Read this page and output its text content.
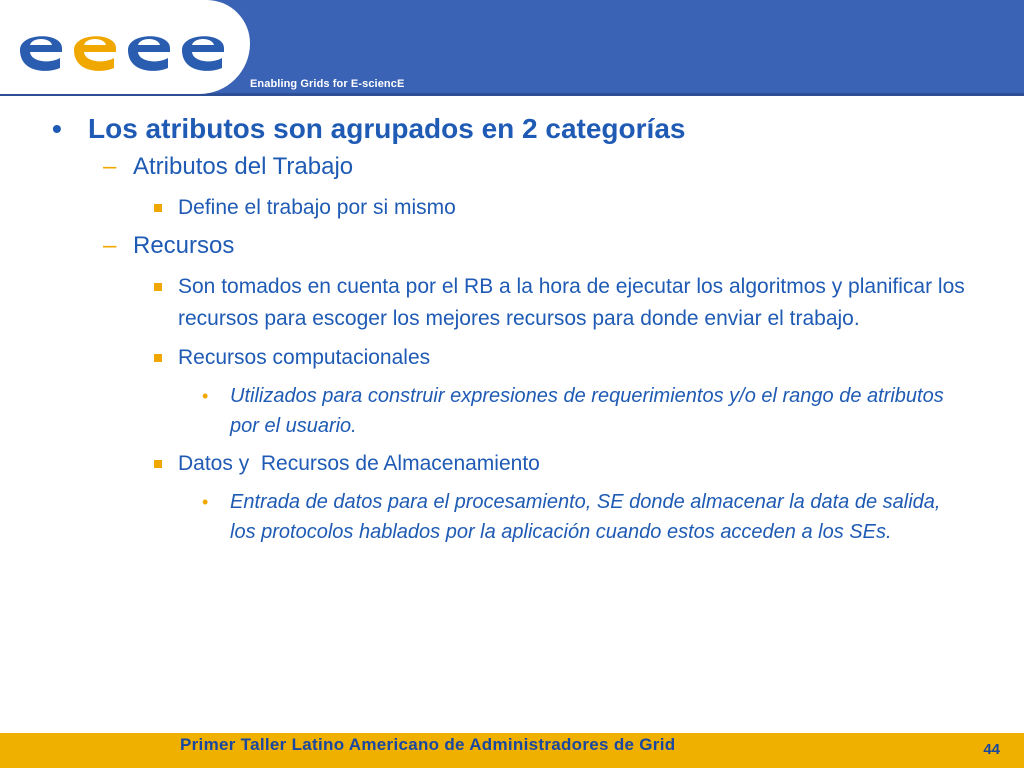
Enabling Grids for E-sciencE
• Los atributos son agrupados en 2 categorías
– Atributos del Trabajo
Define el trabajo por si mismo
– Recursos
Son tomados en cuenta por el RB a la hora de ejecutar los algoritmos y planificar los recursos para escoger los mejores recursos para donde enviar el trabajo.
Recursos computacionales
• Utilizados para construir expresiones de requerimientos y/o el rango de atributos por el usuario.
Datos y  Recursos de Almacenamiento
• Entrada de datos para el procesamiento, SE donde almacenar la data de salida, los protocolos hablados por la aplicación cuando estos acceden a los SEs.
Primer Taller Latino Americano de Administradores de Grid	44
